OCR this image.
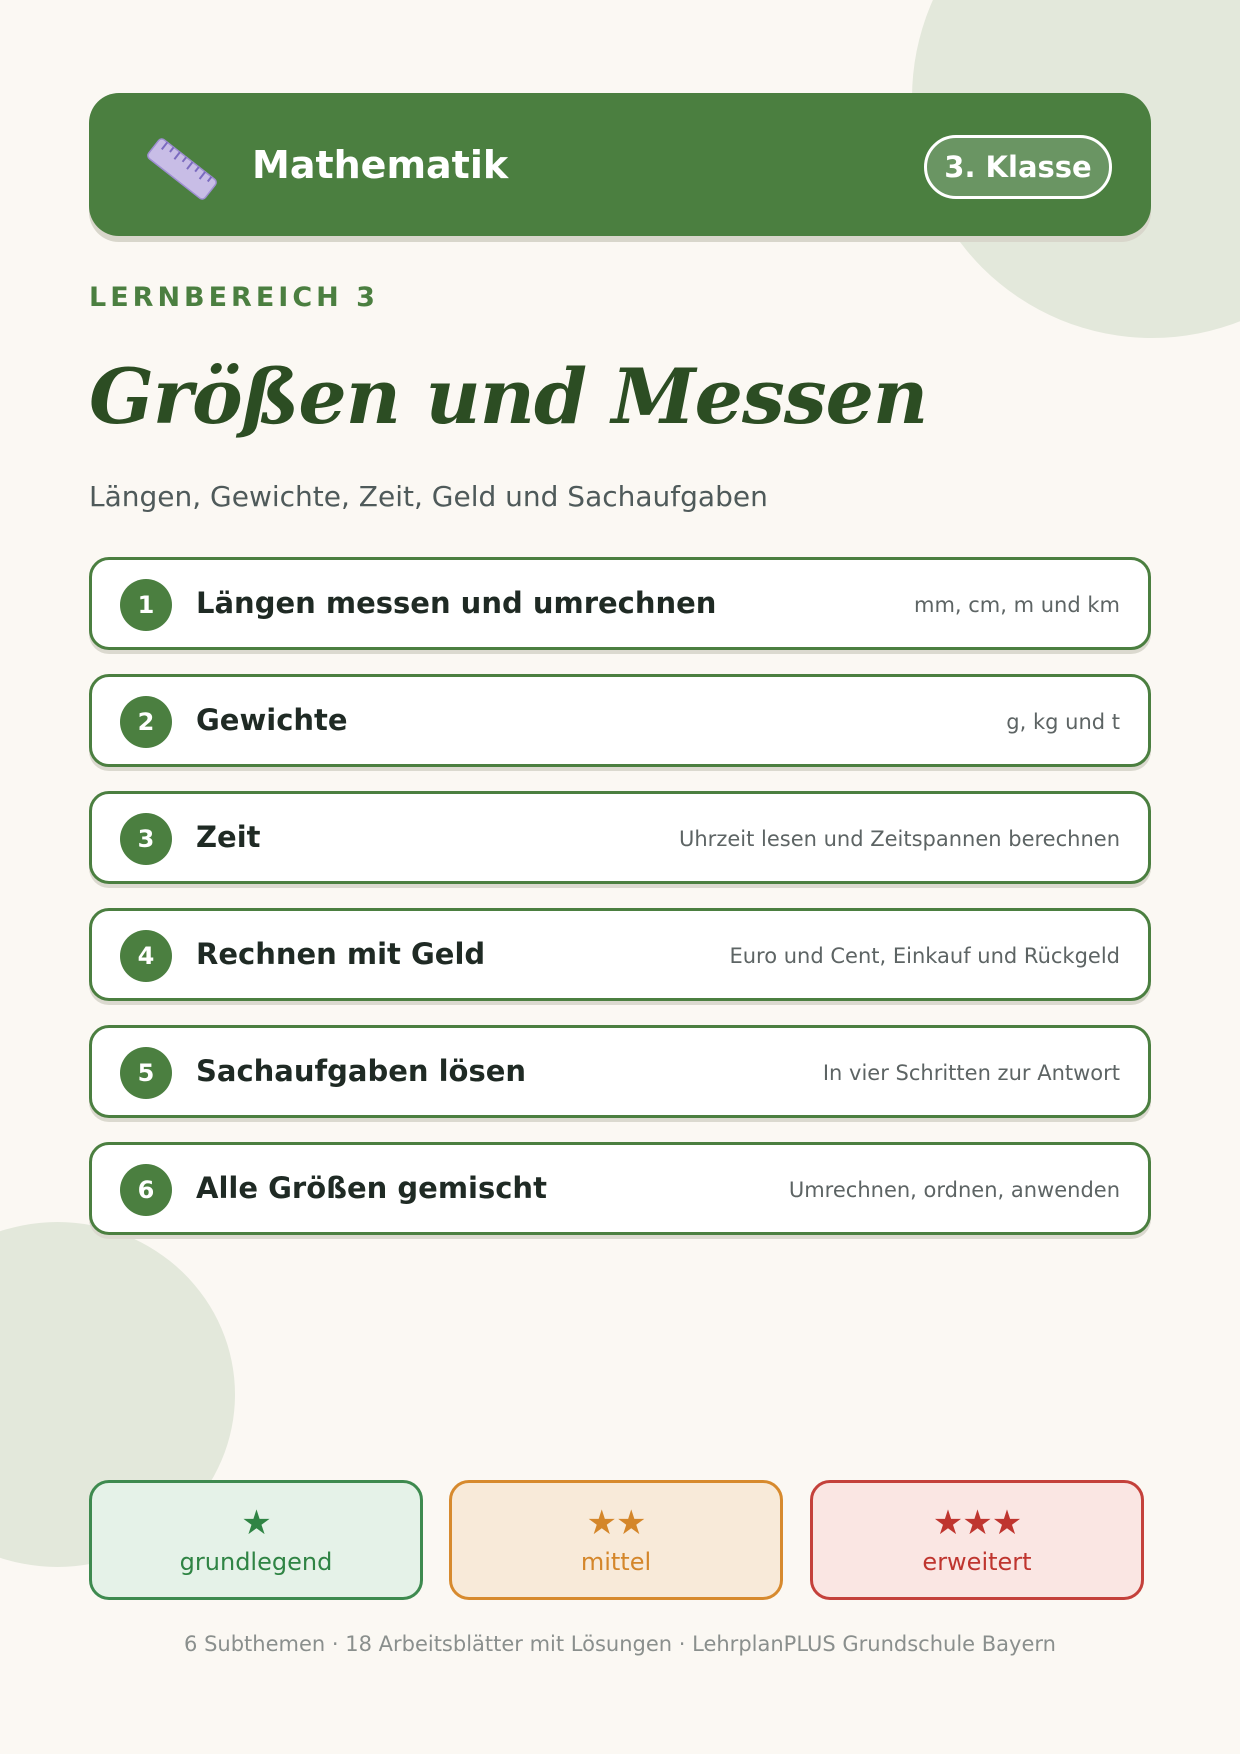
Mathematik	3. Klasse
LERNBEREICH 3
Größen und Messen
Längen, Gewichte, Zeit, Geld und Sachaufgaben
1	Längen messen und umrechnen	mm, cm, m und km
2	Gewichte	g, kg und t
3	Zeit	Uhrzeit lesen und Zeitspannen berechnen
4	Rechnen mit Geld	Euro und Cent, Einkauf und Rückgeld
5	Sachaufgaben lösen	In vier Schritten zur Antwort
6	Alle Größen gemischt	Umrechnen, ordnen, anwenden
★
grundlegend
★★
mittel
★★★
erweitert
6 Subthemen · 18 Arbeitsblätter mit Lösungen · LehrplanPLUS Grundschule Bayern
